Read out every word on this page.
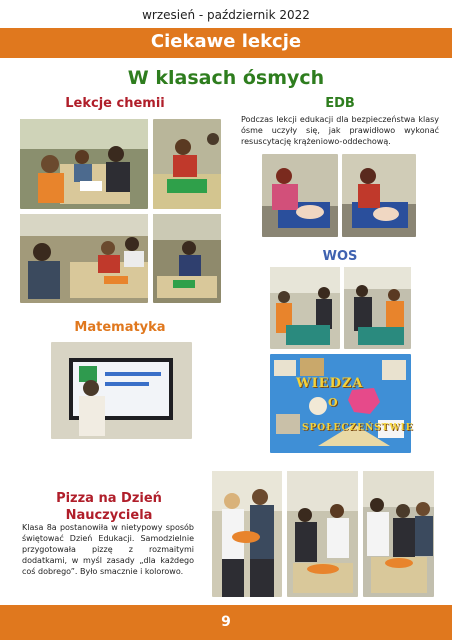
wrzesień - październik 2022
Ciekawe lekcje
W klasach ósmych
Lekcje chemii	EDB
Podczas lekcji edukacji dla bezpieczeństwa klasy ósme uczyły się, jak prawidłowo wykonać resuscytację krążeniowo-oddechową.
WOS
Matematyka
Pizza na Dzień
Nauczyciela
Klasa 8a postanowiła w nietypowy sposób świętować Dzień Edukacji. Samodzielnie przygotowała pizzę z rozmaitymi dodatkami, w myśl zasady „dla każdego coś dobrego”. Było smacznie i kolorowo.
WIEDZA
O
SPOŁECZEŃSTWIE
9
